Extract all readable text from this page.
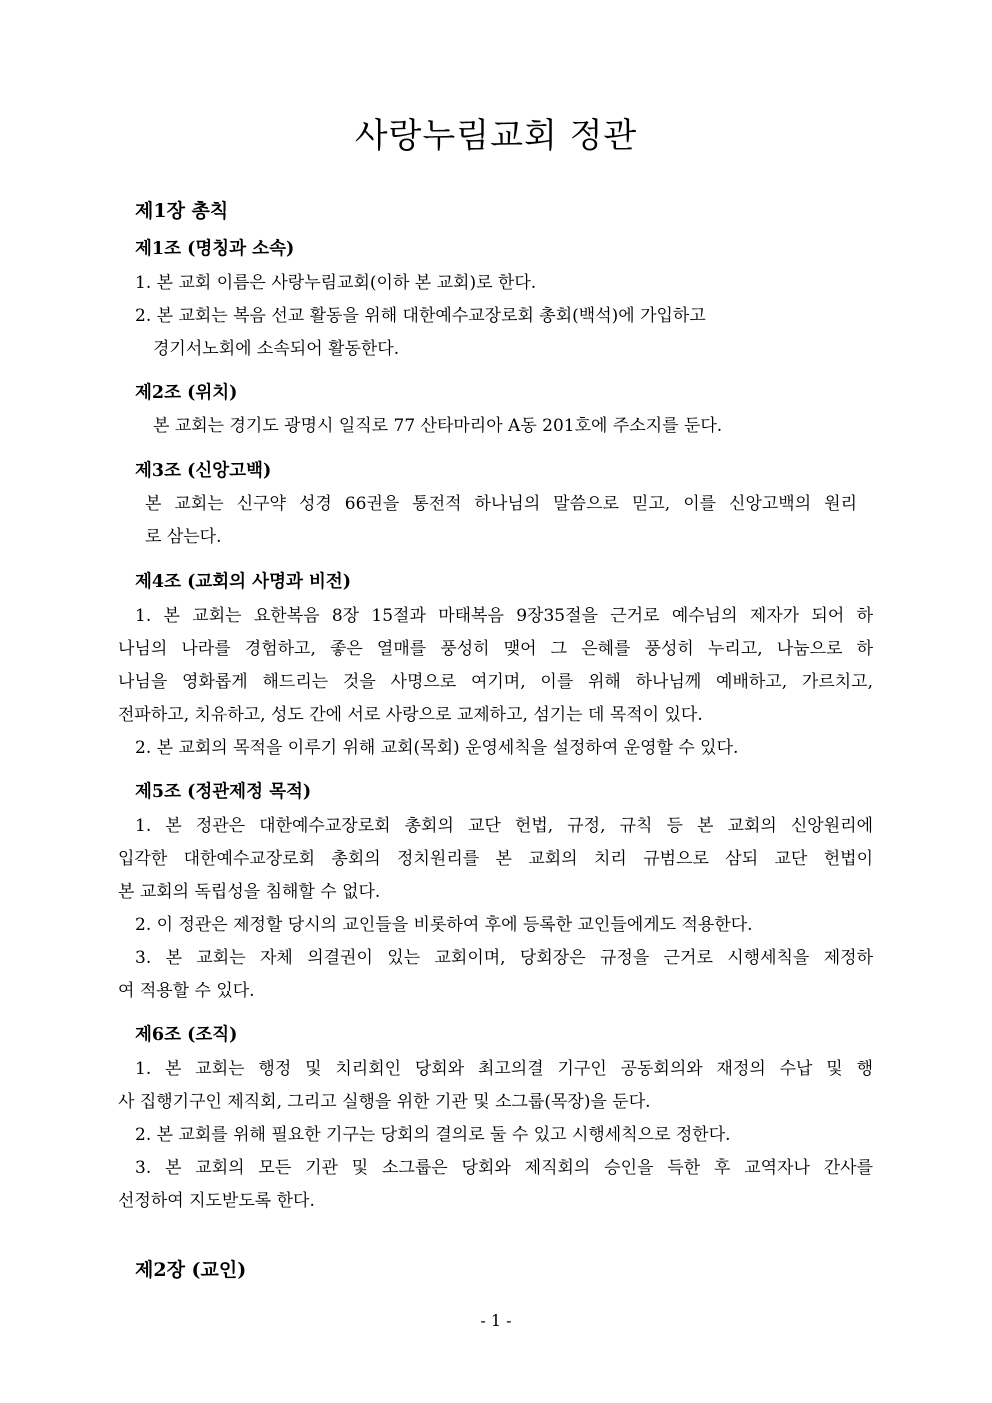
사랑누림교회 정관
제1장 총칙
제1조 (명칭과 소속)
1. 본 교회 이름은 사랑누림교회(이하 본 교회)로 한다.
2. 본 교회는 복음 선교 활동을 위해 대한예수교장로회 총회(백석)에 가입하고
경기서노회에 소속되어 활동한다.
제2조 (위치)
본 교회는 경기도 광명시 일직로 77 산타마리아 A동 201호에 주소지를 둔다.
제3조 (신앙고백)
본 교회는 신구약 성경 66권을 통전적 하나님의 말씀으로 믿고, 이를 신앙고백의 원리
로 삼는다.
제4조 (교회의 사명과 비전)
1. 본 교회는 요한복음 8장 15절과 마태복음 9장35절을 근거로 예수님의 제자가 되어 하
나님의 나라를 경험하고, 좋은 열매를 풍성히 맺어 그 은혜를 풍성히 누리고, 나눔으로 하
나님을 영화롭게 해드리는 것을 사명으로 여기며, 이를 위해 하나님께 예배하고, 가르치고,
전파하고, 치유하고, 성도 간에 서로 사랑으로 교제하고, 섬기는 데 목적이 있다.
2. 본 교회의 목적을 이루기 위해 교회(목회) 운영세칙을 설정하여 운영할 수 있다.
제5조 (정관제정 목적)
1. 본 정관은 대한예수교장로회 총회의 교단 헌법, 규정, 규칙 등 본 교회의 신앙원리에
입각한 대한예수교장로회 총회의 정치원리를 본 교회의 치리 규범으로 삼되 교단 헌법이
본 교회의 독립성을 침해할 수 없다.
2. 이 정관은 제정할 당시의 교인들을 비롯하여 후에 등록한 교인들에게도 적용한다.
3. 본 교회는 자체 의결권이 있는 교회이며, 당회장은 규정을 근거로 시행세칙을 제정하
여 적용할 수 있다.
제6조 (조직)
1. 본 교회는 행정 및 치리회인 당회와 최고의결 기구인 공동회의와 재정의 수납 및 행
사 집행기구인 제직회, 그리고 실행을 위한 기관 및 소그룹(목장)을 둔다.
2. 본 교회를 위해 필요한 기구는 당회의 결의로 둘 수 있고 시행세칙으로 정한다.
3. 본 교회의 모든 기관 및 소그룹은 당회와 제직회의 승인을 득한 후 교역자나 간사를
선정하여 지도받도록 한다.
제2장 (교인)
- 1 -
